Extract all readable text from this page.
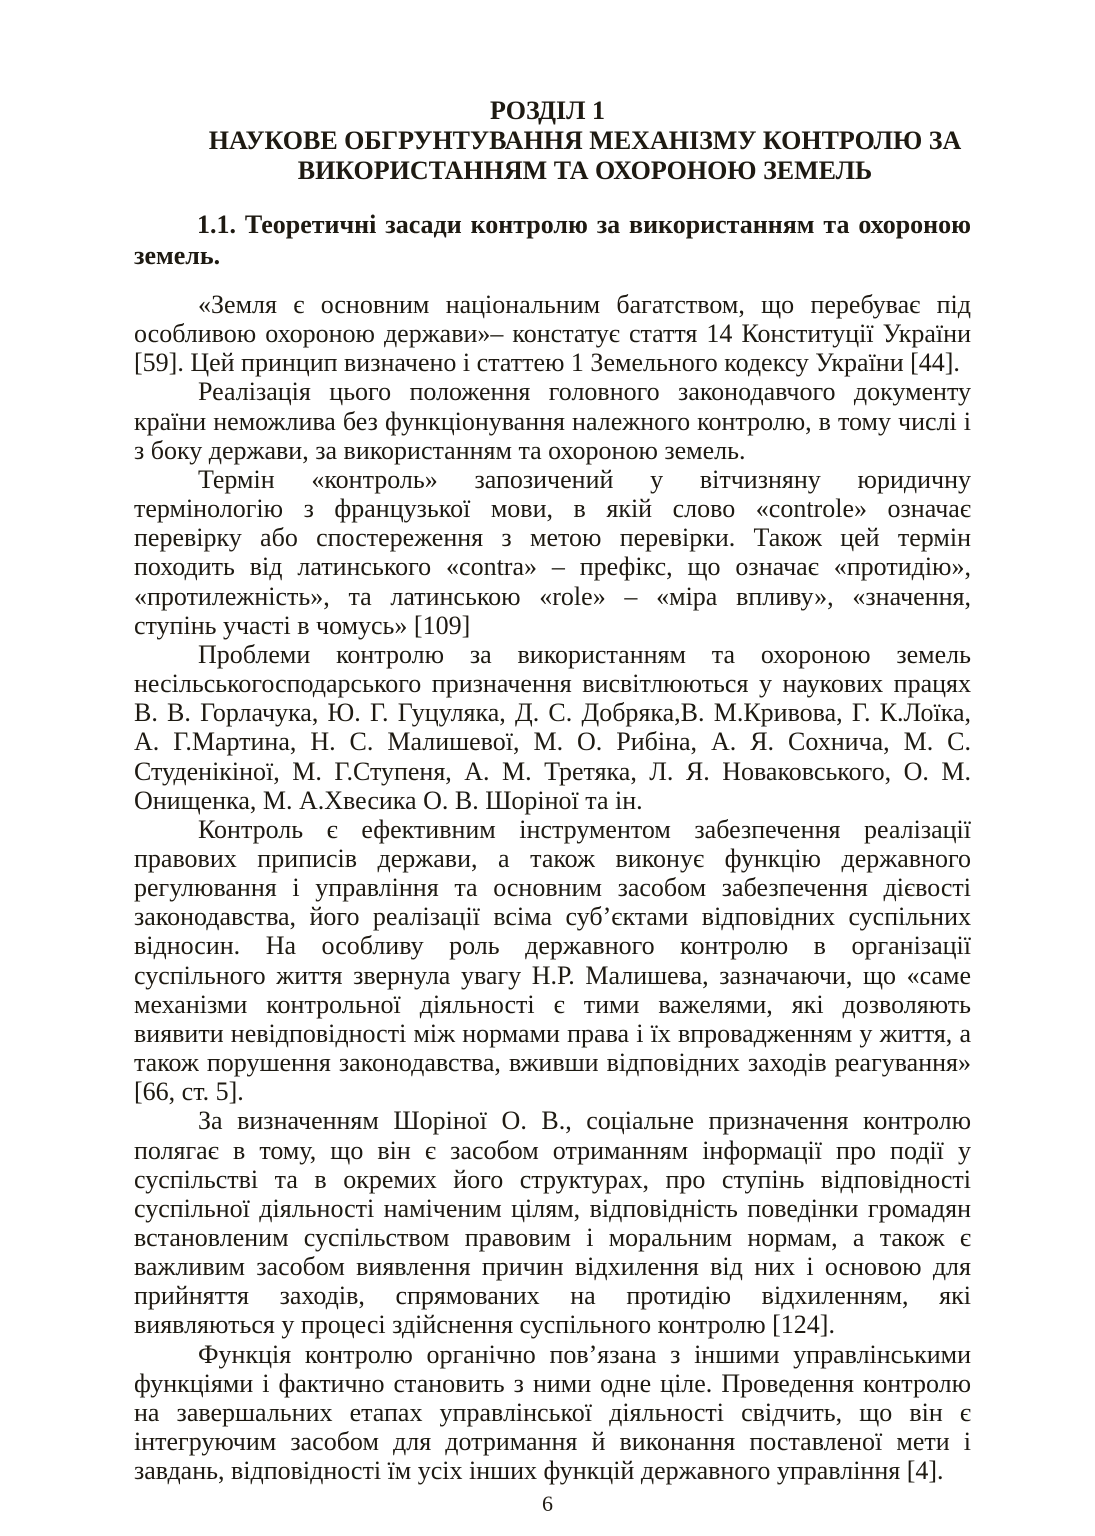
РОЗДІЛ 1
НАУКОВЕ ОБГРУНТУВАННЯ МЕХАНІЗМУ КОНТРОЛЮ ЗА ВИКОРИСТАННЯМ ТА ОХОРОНОЮ ЗЕМЕЛЬ
1.1. Теоретичні засади контролю за використанням та охороною земель.

«Земля є основним національним багатством, що перебуває під особливою охороною держави»– констатує стаття 14 Конституції України [59]. Цей принцип визначено і статтею 1 Земельного кодексу України [44].

Реалізація цього положення головного законодавчого документу країни неможлива без функціонування належного контролю, в тому числі і з боку держави, за використанням та охороною земель.

Термін «контроль» запозичений у вітчизняну юридичну термінологію з французької мови, в якій слово «controle» означає перевірку або спостереження з метою перевірки. Також цей термін походить від латинського «contra» – префікс, що означає «протидію», «протилежність», та латинською «role» – «міра впливу», «значення, ступінь участі в чомусь» [109]

Проблеми контролю за використанням та охороною земель несільськогосподарського призначення висвітлюються у наукових працях В. В. Горлачука, Ю. Г. Гуцуляка, Д. С. Добряка,В. М.Кривова, Г. К.Лоїка, А. Г.Мартина, Н. С. Малишевої, М. О. Рибіна, А. Я. Сохнича, М. С. Студенікіної, М. Г.Ступеня, А. М. Третяка, Л. Я. Новаковського, О. М. Онищенка, М. А.Хвесика О. В. Шоріної та ін.

Контроль є ефективним інструментом забезпечення реалізації правових приписів держави, а також виконує функцію державного регулювання і управління та основним засобом забезпечення дієвості законодавства, його реалізації всіма суб’єктами відповідних суспільних відносин. На особливу роль державного контролю в організації суспільного життя звернула увагу Н.Р. Малишева, зазначаючи, що «саме механізми контрольної діяльності є тими важелями, які дозволяють виявити невідповідності між нормами права і їх впровадженням у життя, а також порушення законодавства, вживши відповідних заходів реагування» [66, ст. 5].

За визначенням Шоріної О. В., соціальне призначення контролю полягає в тому, що він є засобом отриманням інформації про події у суспільстві та в окремих його структурах, про ступінь відповідності суспільної діяльності наміченим цілям, відповідність поведінки громадян встановленим суспільством правовим і моральним нормам, а також є важливим засобом виявлення причин відхилення від них і основою для прийняття заходів, спрямованих на протидію відхиленням, які виявляються у процесі здійснення суспільного контролю [124].

Функція контролю органічно пов’язана з іншими управлінськими функціями і фактично становить з ними одне ціле. Проведення контролю на завершальних етапах управлінської діяльності свідчить, що він є інтегруючим засобом для дотримання й виконання поставленої мети і завдань, відповідності їм усіх інших функцій державного управління [4].

6
